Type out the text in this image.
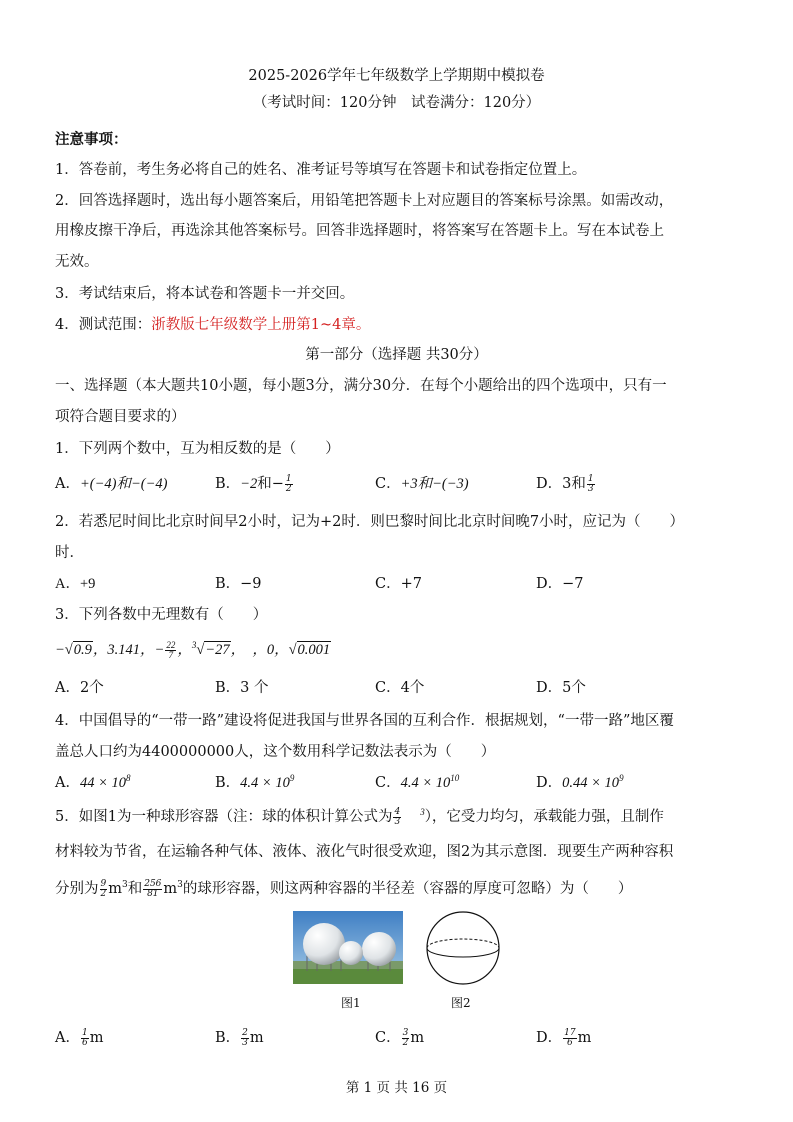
2025-2026学年七年级数学上学期期中模拟卷
（考试时间：120分钟　试卷满分：120分）
注意事项：
1．答卷前，考生务必将自己的姓名、准考证号等填写在答题卡和试卷指定位置上。
2．回答选择题时，选出每小题答案后，用铅笔把答题卡上对应题目的答案标号涂黑。如需改动，
用橡皮擦干净后，再选涂其他答案标号。回答非选择题时，将答案写在答题卡上。写在本试卷上
无效。
3．考试结束后，将本试卷和答题卡一并交回。
4．测试范围：浙教版七年级数学上册第1~4章。
第一部分（选择题 共30分）
一、选择题（本大题共10小题，每小题3分，满分30分．在每个小题给出的四个选项中，只有一
项符合题目要求的）
1．下列两个数中，互为相反数的是（　　）
A．+(−4)和−(−4)	B．−2和− $\frac{1}{2}$	C．+3和−(−3)	D．3和 $\frac{1}{3}$
2．若悉尼时间比北京时间早2小时，记为+2时．则巴黎时间比北京时间晚7小时，应记为（　　）
时．
A．+9	B．−9	C．+7	D．−7
3．下列各数中无理数有（　　）
−√0.9，3.141，− $\frac{22}{7}$ ，$^3$√−27，　，0，√0.001
A．2个	B．3 个	C．4个	D．5个
4．中国倡导的“一带一路”建设将促进我国与世界各国的互利合作．根据规划，“一带一路”地区覆
盖总人口约为4400000000人，这个数用科学记数法表示为（　　）
A．$44 \times 10^8$	B．$4.4 \times 10^9$	C．$4.4 \times 10^{10}$	D．$0.44 \times 10^9$
5．如图1为一种球形容器（注：球的体积计算公式为 $\frac{4}{3} ^3$），它受力均匀，承载能力强，且制作
材料较为节省，在运输各种气体、液体、液化气时很受欢迎，图2为其示意图．现要生产两种容积
分别为 $\frac{9}{2} m^3$和 $\frac{256}{81} m^3$的球形容器，则这两种容器的半径差（容器的厚度可忽略）为（　　）
图1	图2
A． $\frac{1}{6}$ m	B． $\frac{2}{3}$ m	C． $\frac{3}{2}$ m	D． $\frac{17}{6}$ m
第 1 页 共 16 页
